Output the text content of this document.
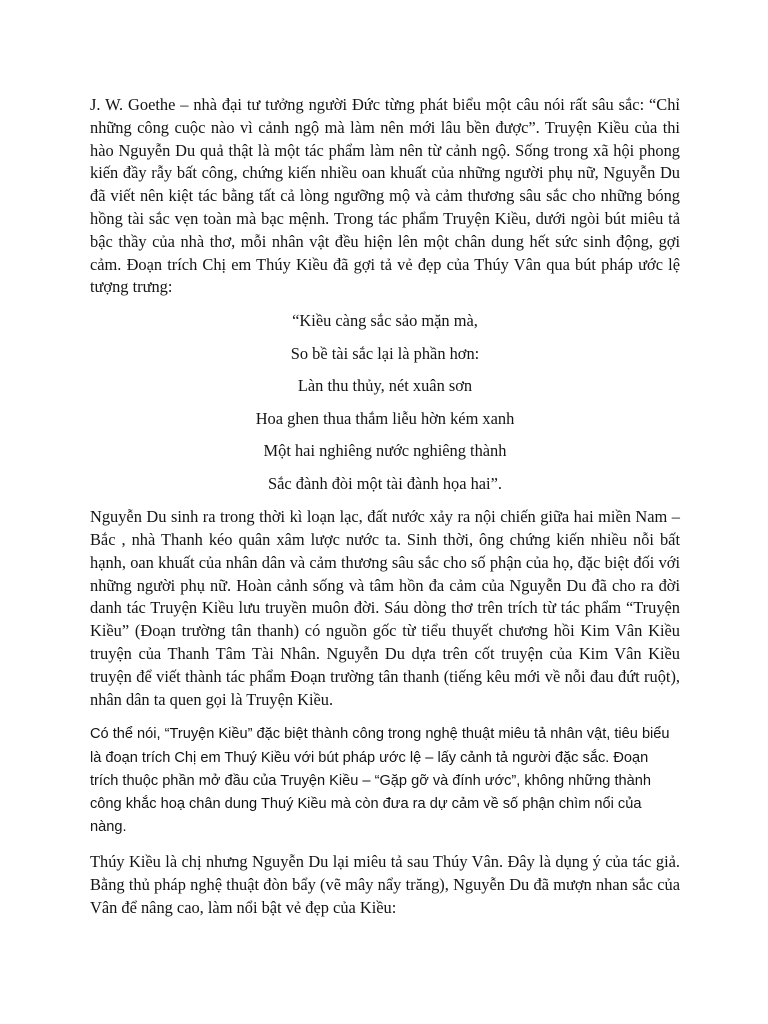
J. W. Goethe – nhà đại tư tưởng người Đức từng phát biểu một câu nói rất sâu sắc: “Chỉ những công cuộc nào vì cảnh ngộ mà làm nên mới lâu bền được”. Truyện Kiều của thi hào Nguyễn Du quả thật là một tác phẩm làm nên từ cảnh ngộ. Sống trong xã hội phong kiến đầy rẫy bất công, chứng kiến nhiều oan khuất của những người phụ nữ, Nguyễn Du đã viết nên kiệt tác bằng tất cả lòng ngưỡng mộ và cảm thương sâu sắc cho những bóng hồng tài sắc vẹn toàn mà bạc mệnh. Trong tác phẩm Truyện Kiều, dưới ngòi bút miêu tả bậc thầy của nhà thơ, mỗi nhân vật đều hiện lên một chân dung hết sức sinh động, gợi cảm. Đoạn trích Chị em Thúy Kiều đã gợi tả vẻ đẹp của Thúy Vân qua bút pháp ước lệ tượng trưng:

“Kiều càng sắc sảo mặn mà,
So bề tài sắc lại là phần hơn:
Làn thu thủy, nét xuân sơn
Hoa ghen thua thắm liễu hờn kém xanh
Một hai nghiêng nước nghiêng thành
Sắc đành đòi một tài đành họa hai”.

Nguyễn Du sinh ra trong thời kì loạn lạc, đất nước xảy ra nội chiến giữa hai miền Nam – Bắc , nhà Thanh kéo quân xâm lược nước ta. Sinh thời, ông chứng kiến nhiều nỗi bất hạnh, oan khuất của nhân dân và cảm thương sâu sắc cho số phận của họ, đặc biệt đối với những người phụ nữ. Hoàn cảnh sống và tâm hồn đa cảm của Nguyễn Du đã cho ra đời danh tác Truyện Kiều lưu truyền muôn đời. Sáu dòng thơ trên trích từ tác phẩm “Truyện Kiều” (Đoạn trường tân thanh) có nguồn gốc từ tiểu thuyết chương hồi Kim Vân Kiều truyện của Thanh Tâm Tài Nhân. Nguyễn Du dựa trên cốt truyện của Kim Vân Kiều truyện để viết thành tác phẩm Đoạn trường tân thanh (tiếng kêu mới về nỗi đau đứt ruột), nhân dân ta quen gọi là Truyện Kiều.

Có thể nói, “Truyện Kiều” đặc biệt thành công trong nghệ thuật miêu tả nhân vật, tiêu biểu là đoạn trích Chị em Thuý Kiều với bút pháp ước lệ – lấy cảnh tả người đặc sắc. Đoạn trích thuộc phần mở đầu của Truyện Kiều – “Gặp gỡ và đính ước”, không những thành công khắc hoạ chân dung Thuý Kiều mà còn đưa ra dự cảm về số phận chìm nổi của nàng.

Thúy Kiều là chị nhưng Nguyễn Du lại miêu tả sau Thúy Vân. Đây là dụng ý của tác giả. Bằng thủ pháp nghệ thuật đòn bẩy (vẽ mây nẩy trăng), Nguyễn Du đã mượn nhan sắc của Vân để nâng cao, làm nổi bật vẻ đẹp của Kiều:
